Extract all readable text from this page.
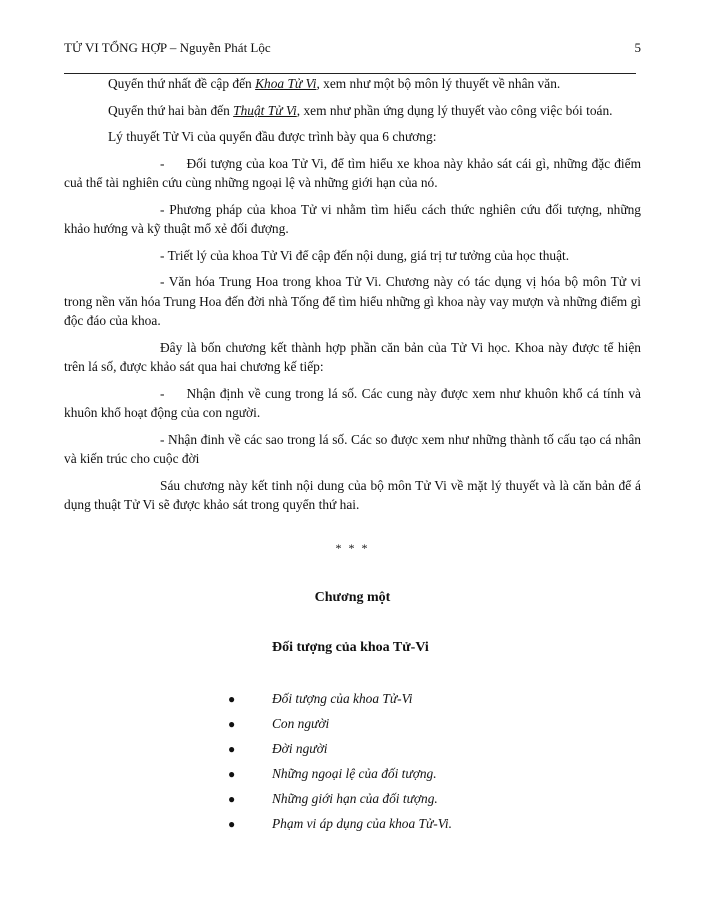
TỬ VI TỔNG HỢP – Nguyễn Phát Lộc	5

Quyển thứ nhất đề cập đến Khoa Tử Vi, xem như một bộ môn lý thuyết về nhân văn.

Quyển thứ hai bàn đến Thuật Tử Vi, xem như phần ứng dụng lý thuyết vào công việc bói toán.

Lý thuyết Tử Vi của quyển đầu được trình bày qua 6 chương:

- Đối tượng của koa Tử Vi, để tìm hiểu xe khoa này khảo sát cái gì, những đặc điểm cuả thể tài nghiên cứu cùng những ngoại lệ và những giới hạn của nó.

- Phương pháp của khoa Tử vi nhằm tìm hiểu cách thức nghiên cứu đối tượng, những khảo hướng và kỹ thuật mổ xẻ đối đượng.

- Triết lý của khoa Tử Vi để cập đến nội dung, giá trị tư tưởng của học thuật.

- Văn hóa Trung Hoa trong khoa Tử Vi. Chương này có tác dụng vị hóa bộ môn Tử vi trong nền văn hóa Trung Hoa đến đời nhà Tống để tìm hiểu những gì khoa này vay mượn và những điểm gì độc đáo của khoa.

Đây là bốn chương kết thành hợp phần căn bản của Tử Vi học. Khoa này được tể hiện trên lá số, được khảo sát qua hai chương kế tiếp:

- Nhận định về cung trong lá số. Các cung này được xem như khuôn khổ cá tính và khuôn khổ hoạt động của con người.

- Nhận đinh về các sao trong lá số. Các so được xem như những thành tố cấu tạo cá nhân và kiến trúc cho cuộc đời

Sáu chương này kết tinh nội dung của bộ môn Tử Vi về mặt lý thuyết và là căn bản để á dụng thuật Tử Vi sẽ được khảo sát trong quyển thứ hai.

* * *
Chương một
Đối tượng của khoa Tử-Vi
●	Đối tượng của khoa Tử-Vi
●	Con người
●	Đời người
●	Những ngoại lệ của đối tượng.
●	Những giới hạn của đối tượng.
●	Phạm vi áp dụng của khoa Tử-Vi.
